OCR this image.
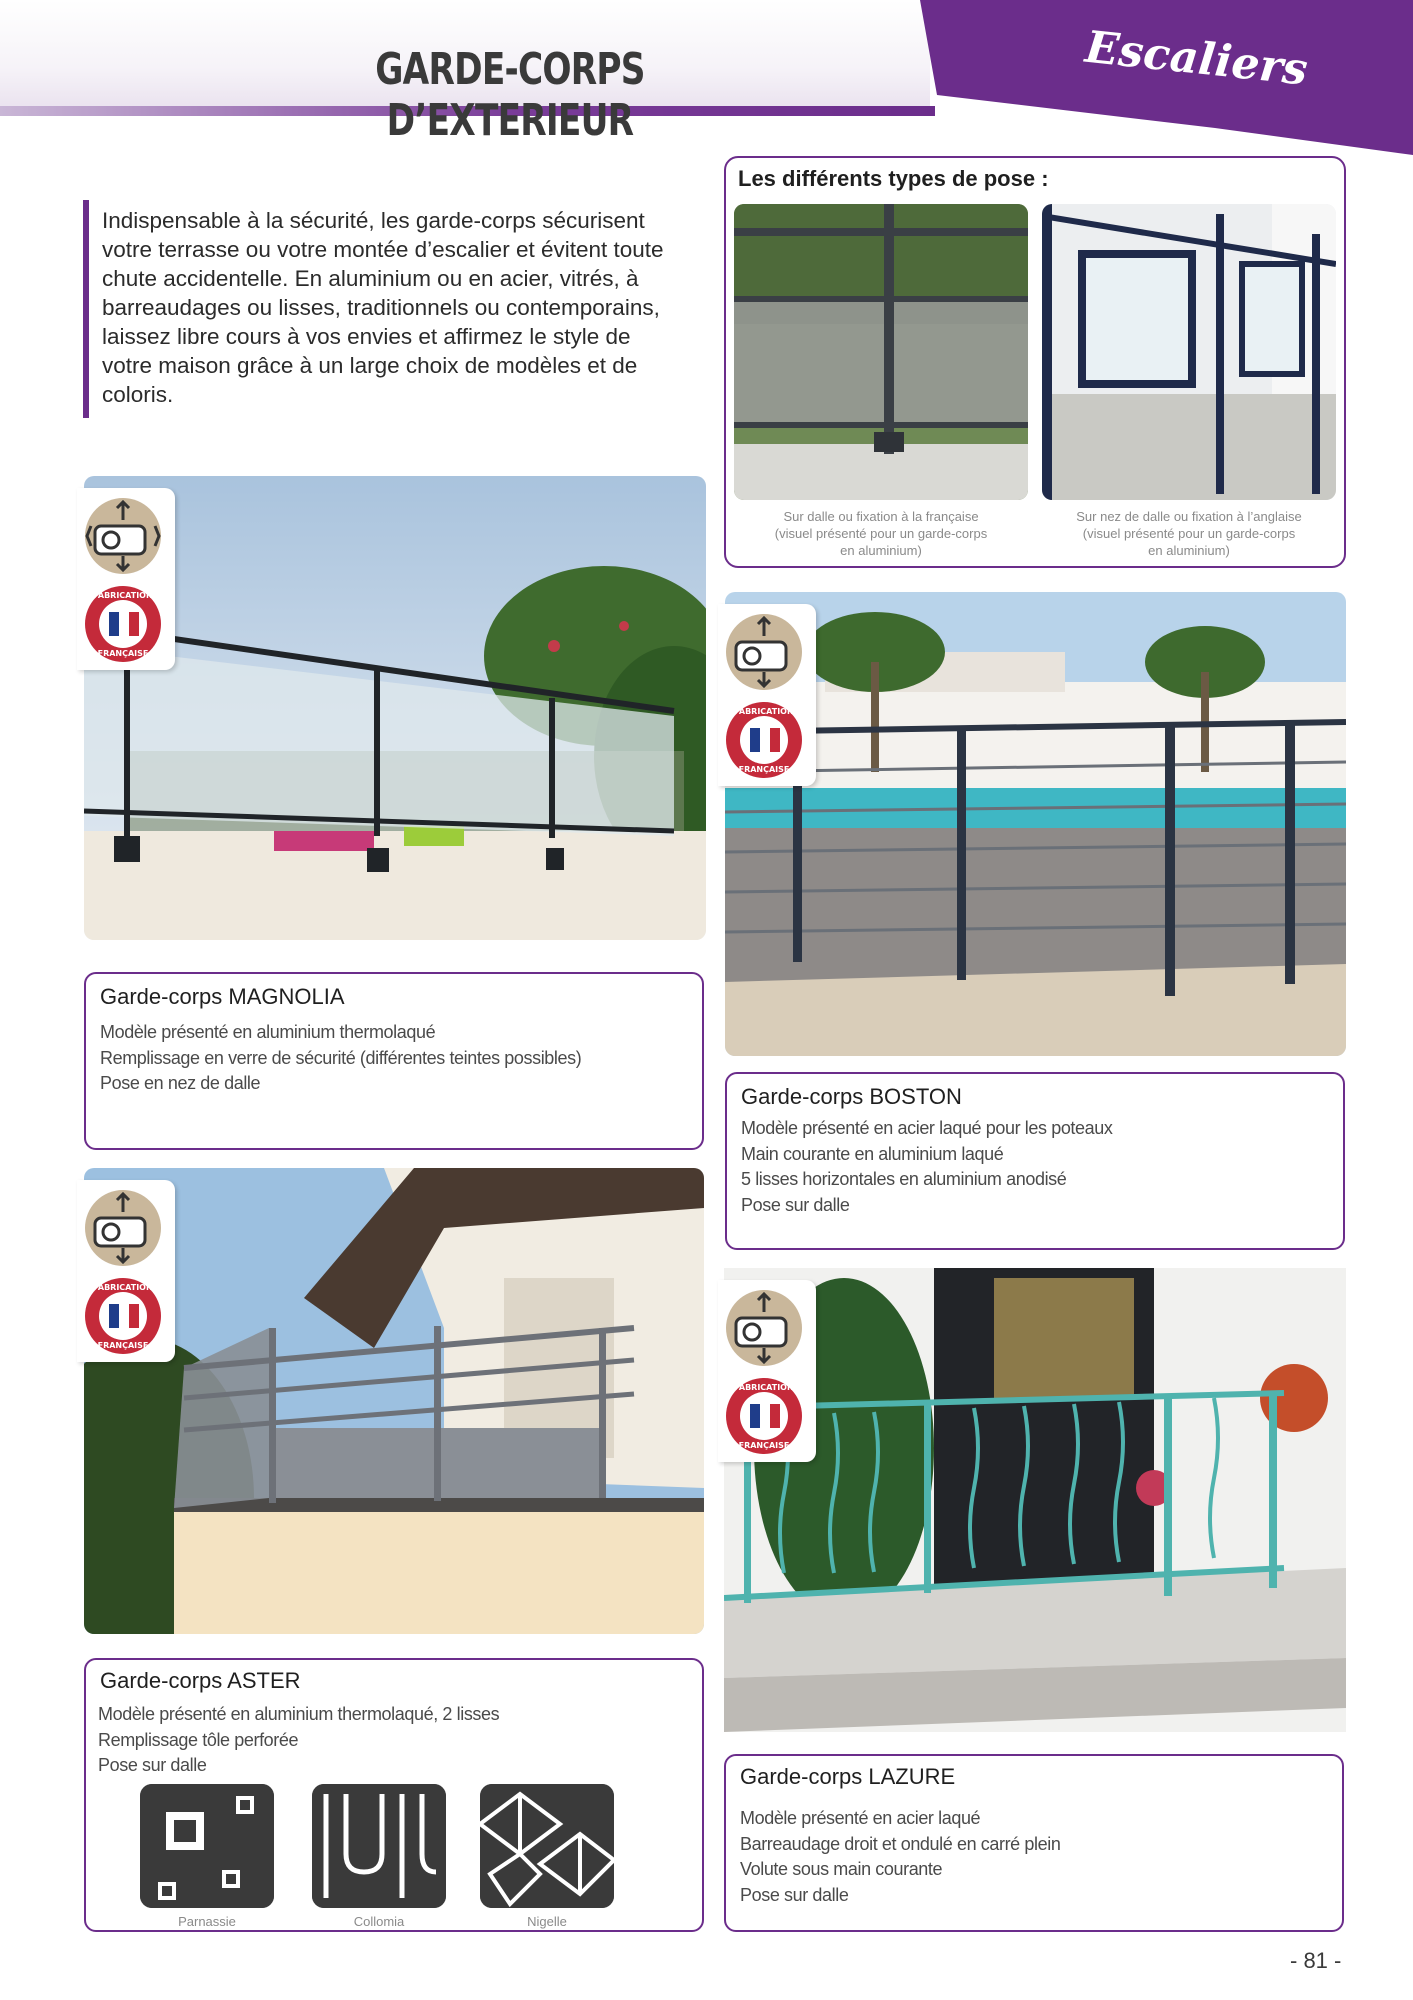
GARDE-CORPS D’EXTERIEUR
Escaliers
Indispensable à la sécurité, les garde-corps sécurisent
votre terrasse ou votre montée d’escalier et évitent toute
chute accidentelle. En aluminium ou en acier, vitrés, à
barreaudages ou lisses, traditionnels ou contemporains,
laissez libre cours à vos envies et affirmez le style de
votre maison grâce à un large choix de modèles et de
coloris.
Les différents types de pose :
Sur dalle ou fixation à la française
(visuel présenté pour un garde-corps
en aluminium)
Sur nez de dalle ou fixation à l’anglaise
(visuel présenté pour un garde-corps
en aluminium)
Garde-corps MAGNOLIA
Modèle présenté en aluminium thermolaqué
Remplissage en verre de sécurité (différentes teintes possibles)
Pose en nez de dalle
Garde-corps BOSTON
Modèle présenté en acier laqué pour les poteaux
Main courante en aluminium laqué
5 lisses horizontales en aluminium anodisé
Pose sur dalle
Garde-corps ASTER
Modèle présenté en aluminium thermolaqué, 2 lisses
Remplissage tôle perforée
Pose sur dalle
Parnassie	Collomia	Nigelle
Garde-corps LAZURE
Modèle présenté en acier laqué
Barreaudage droit et ondulé en carré plein
Volute sous main courante
Pose sur dalle
FABRICATION
FRANÇAISE
FABRICATION
FRANÇAISE
FABRICATION
FRANÇAISE
FABRICATION
FRANÇAISE
- 81 -
